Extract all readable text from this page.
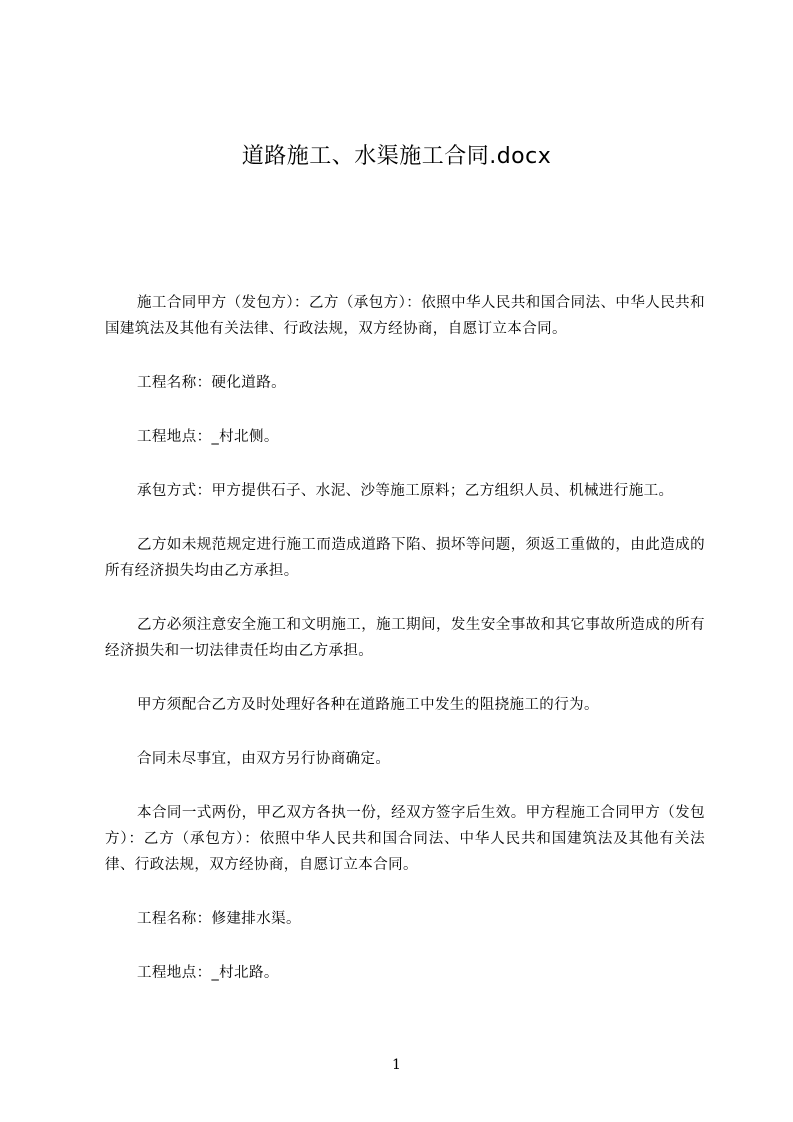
道路施工、水渠施工合同.docx

施工合同甲方（发包方）：乙方（承包方）：依照中华人民共和国合同法、中华人民共和国建筑法及其他有关法律、行政法规，双方经协商，自愿订立本合同。

工程名称：硬化道路。

工程地点：_村北侧。

承包方式：甲方提供石子、水泥、沙等施工原料；乙方组织人员、机械进行施工。

乙方如未规范规定进行施工而造成道路下陷、损坏等问题，须返工重做的，由此造成的所有经济损失均由乙方承担。

乙方必须注意安全施工和文明施工，施工期间，发生安全事故和其它事故所造成的所有经济损失和一切法律责任均由乙方承担。

甲方须配合乙方及时处理好各种在道路施工中发生的阻挠施工的行为。

合同未尽事宜，由双方另行协商确定。

本合同一式两份，甲乙双方各执一份，经双方签字后生效。甲方程施工合同甲方（发包方）：乙方（承包方）：依照中华人民共和国合同法、中华人民共和国建筑法及其他有关法律、行政法规，双方经协商，自愿订立本合同。

工程名称：修建排水渠。

工程地点：_村北路。

1
